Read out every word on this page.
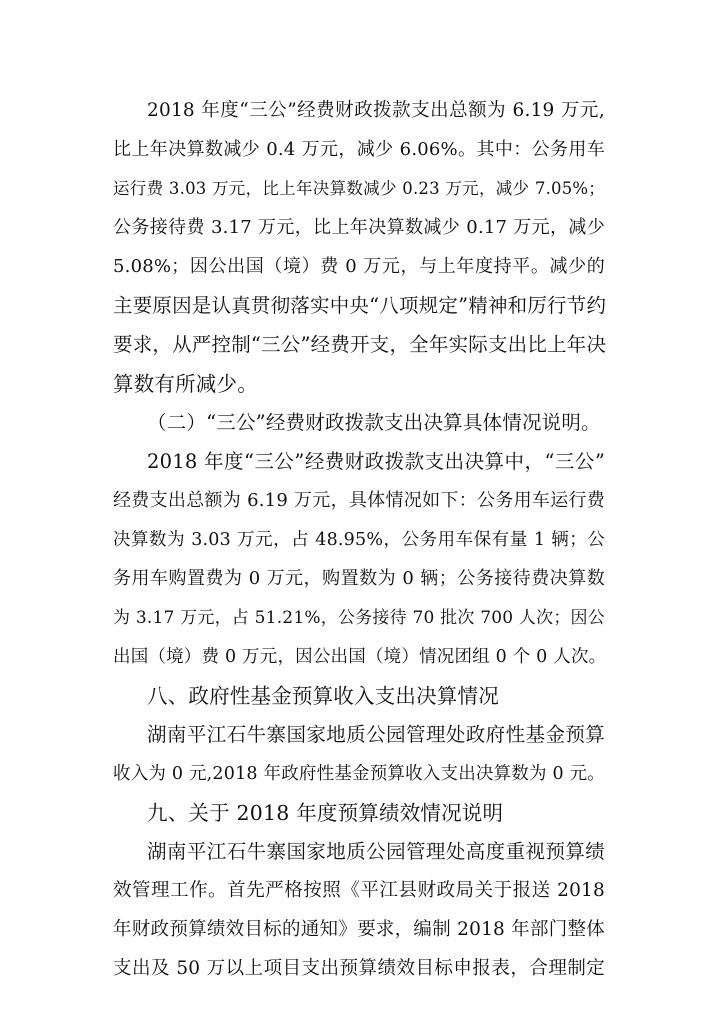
2018 年度“三公”经费财政拨款支出总额为 6.19 万元,
比上年决算数减少 0.4 万元，减少 6.06%。其中：公务用车
运行费 3.03 万元，比上年决算数减少 0.23 万元，减少 7.05%；
公务接待费 3.17 万元，比上年决算数减少 0.17 万元，减少
5.08%；因公出国（境）费 0 万元，与上年度持平。减少的
主要原因是认真贯彻落实中央“八项规定”精神和厉行节约
要求，从严控制“三公”经费开支，全年实际支出比上年决
算数有所减少。
（二）“三公”经费财政拨款支出决算具体情况说明。
2018 年度“三公”经费财政拨款支出决算中，“三公”
经费支出总额为 6.19 万元，具体情况如下：公务用车运行费
决算数为 3.03 万元，占 48.95%，公务用车保有量 1 辆；公
务用车购置费为 0 万元，购置数为 0 辆；公务接待费决算数
为 3.17 万元，占 51.21%，公务接待 70 批次 700 人次；因公
出国（境）费 0 万元，因公出国（境）情况团组 0 个 0 人次。
八、政府性基金预算收入支出决算情况
湖南平江石牛寨国家地质公园管理处政府性基金预算
收入为 0 元,2018 年政府性基金预算收入支出决算数为 0 元。
九、关于 2018 年度预算绩效情况说明
湖南平江石牛寨国家地质公园管理处高度重视预算绩
效管理工作。首先严格按照《平江县财政局关于报送 2018
年财政预算绩效目标的通知》要求，编制 2018 年部门整体
支出及 50 万以上项目支出预算绩效目标申报表，合理制定
